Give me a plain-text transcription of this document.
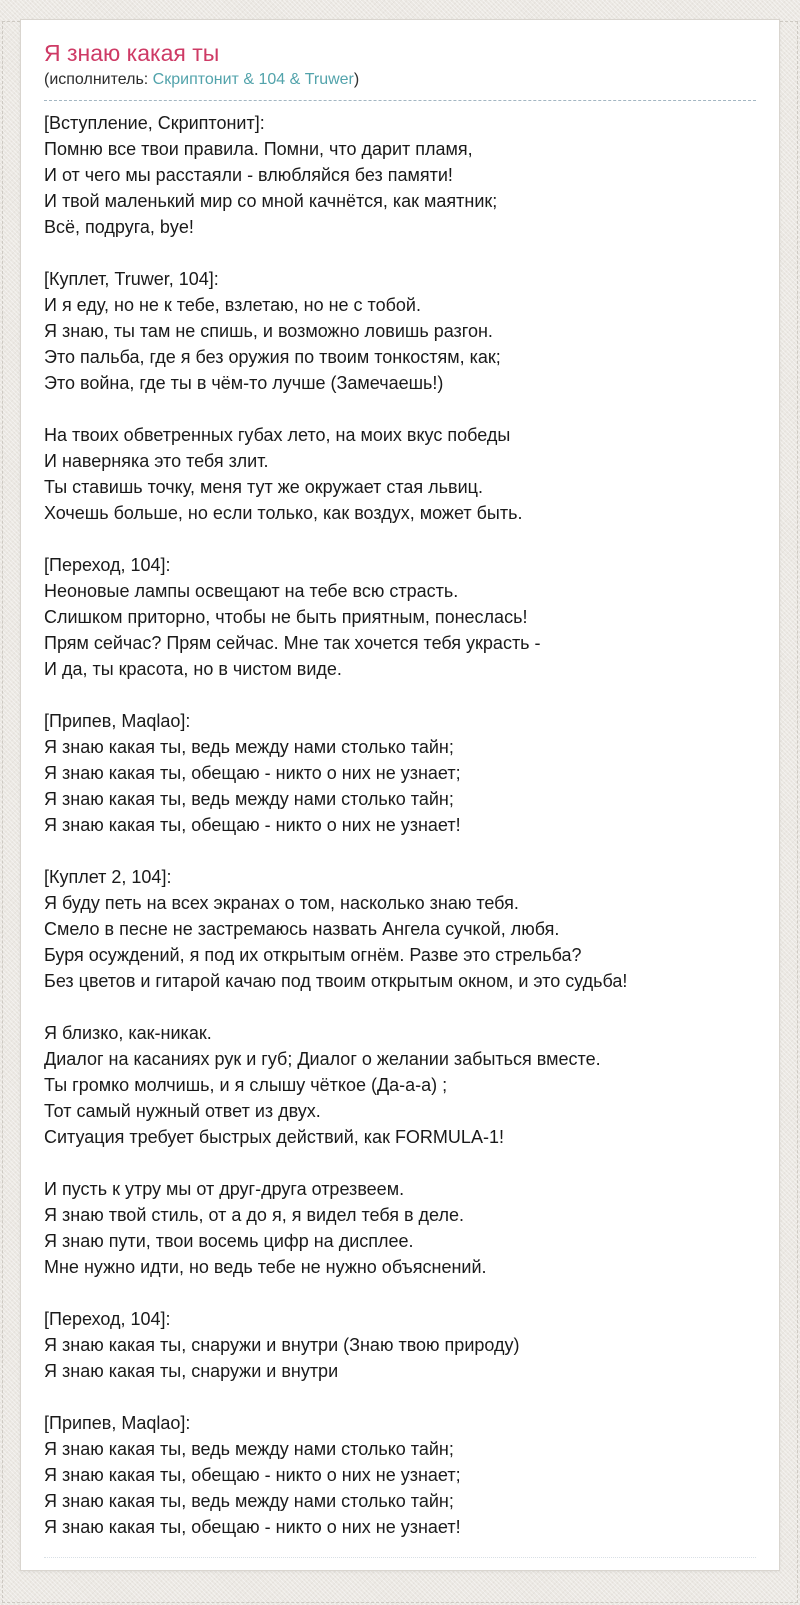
Я знаю какая ты
(исполнитель: Скриптонит & 104 & Truwer)

[Вступление, Скриптонит]:
Помню все твои правила. Помни, что дарит пламя,
И от чего мы расстаяли - влюбляйся без памяти!
И твой маленький мир со мной качнётся, как маятник;
Всё, подруга, bye!

[Куплет, Truwer, 104]:
И я еду, но не к тебе, взлетаю, но не с тобой.
Я знаю, ты там не спишь, и возможно ловишь разгон.
Это пальба, где я без оружия по твоим тонкостям, как;
Это война, где ты в чём-то лучше (Замечаешь!)

На твоих обветренных губах лето, на моих вкус победы
И наверняка это тебя злит.
Ты ставишь точку, меня тут же окружает стая львиц.
Хочешь больше, но если только, как воздух, может быть.

[Переход, 104]:
Неоновые лампы освещают на тебе всю страсть.
Слишком приторно, чтобы не быть приятным, понеслась!
Прям сейчас? Прям сейчас. Мне так хочется тебя украсть -
И да, ты красота, но в чистом виде.

[Припев, Maqlao]:
Я знаю какая ты, ведь между нами столько тайн;
Я знаю какая ты, обещаю - никто о них не узнает;
Я знаю какая ты, ведь между нами столько тайн;
Я знаю какая ты, обещаю - никто о них не узнает!

[Куплет 2, 104]:
Я буду петь на всех экранах о том, насколько знаю тебя.
Смело в песне не застремаюсь назвать Ангела сучкой, любя.
Буря осуждений, я под их открытым огнём. Разве это стрельба?
Без цветов и гитарой качаю под твоим открытым окном, и это судьба!

Я близко, как-никак.
Диалог на касаниях рук и губ; Диалог о желании забыться вместе.
Ты громко молчишь, и я слышу чёткое (Да-а-а) ;
Тот самый нужный ответ из двух.
Ситуация требует быстрых действий, как FORMULA-1!

И пусть к утру мы от друг-друга отрезвеем.
Я знаю твой стиль, от а до я, я видел тебя в деле.
Я знаю пути, твои восемь цифр на дисплее.
Мне нужно идти, но ведь тебе не нужно объяснений.

[Переход, 104]:
Я знаю какая ты, снаружи и внутри (Знаю твою природу)
Я знаю какая ты, снаружи и внутри

[Припев, Maqlao]:
Я знаю какая ты, ведь между нами столько тайн;
Я знаю какая ты, обещаю - никто о них не узнает;
Я знаю какая ты, ведь между нами столько тайн;
Я знаю какая ты, обещаю - никто о них не узнает!
